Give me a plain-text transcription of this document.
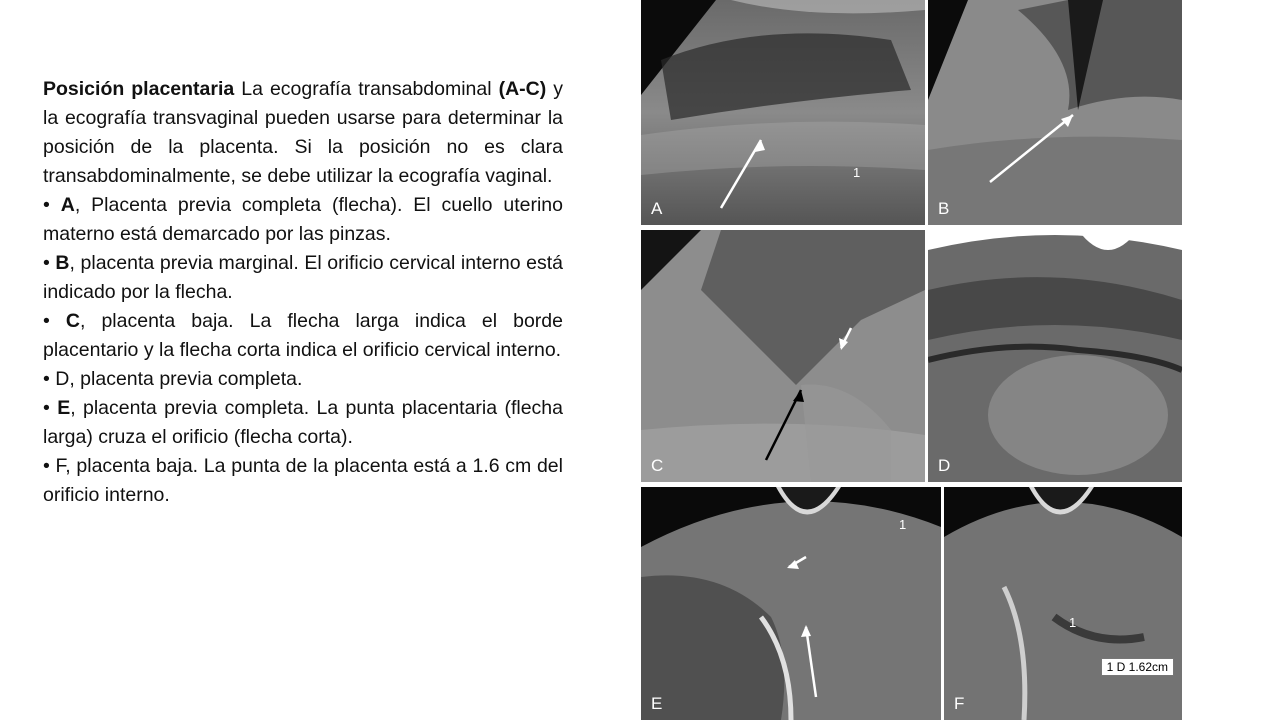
Posición placentaria La ecografía transabdominal (A-C) y la ecografía transvaginal pueden usarse para determinar la posición de la placenta. Si la posición no es clara transabdominalmente, se debe utilizar la ecografía vaginal.

• A, Placenta previa completa (flecha). El cuello uterino materno está demarcado por las pinzas.

• B, placenta previa marginal. El orificio cervical interno está indicado por la flecha.

• C, placenta baja. La flecha larga indica el borde placentario y la flecha corta indica el orificio cervical interno.

• D, placenta previa completa.

• E, placenta previa completa. La punta placentaria (flecha larga) cruza el orificio (flecha corta).

• F, placenta baja. La punta de la placenta está a 1.6 cm del orificio interno.

A
1
B
C	D
E
1
F
1
1 D 1.62cm
